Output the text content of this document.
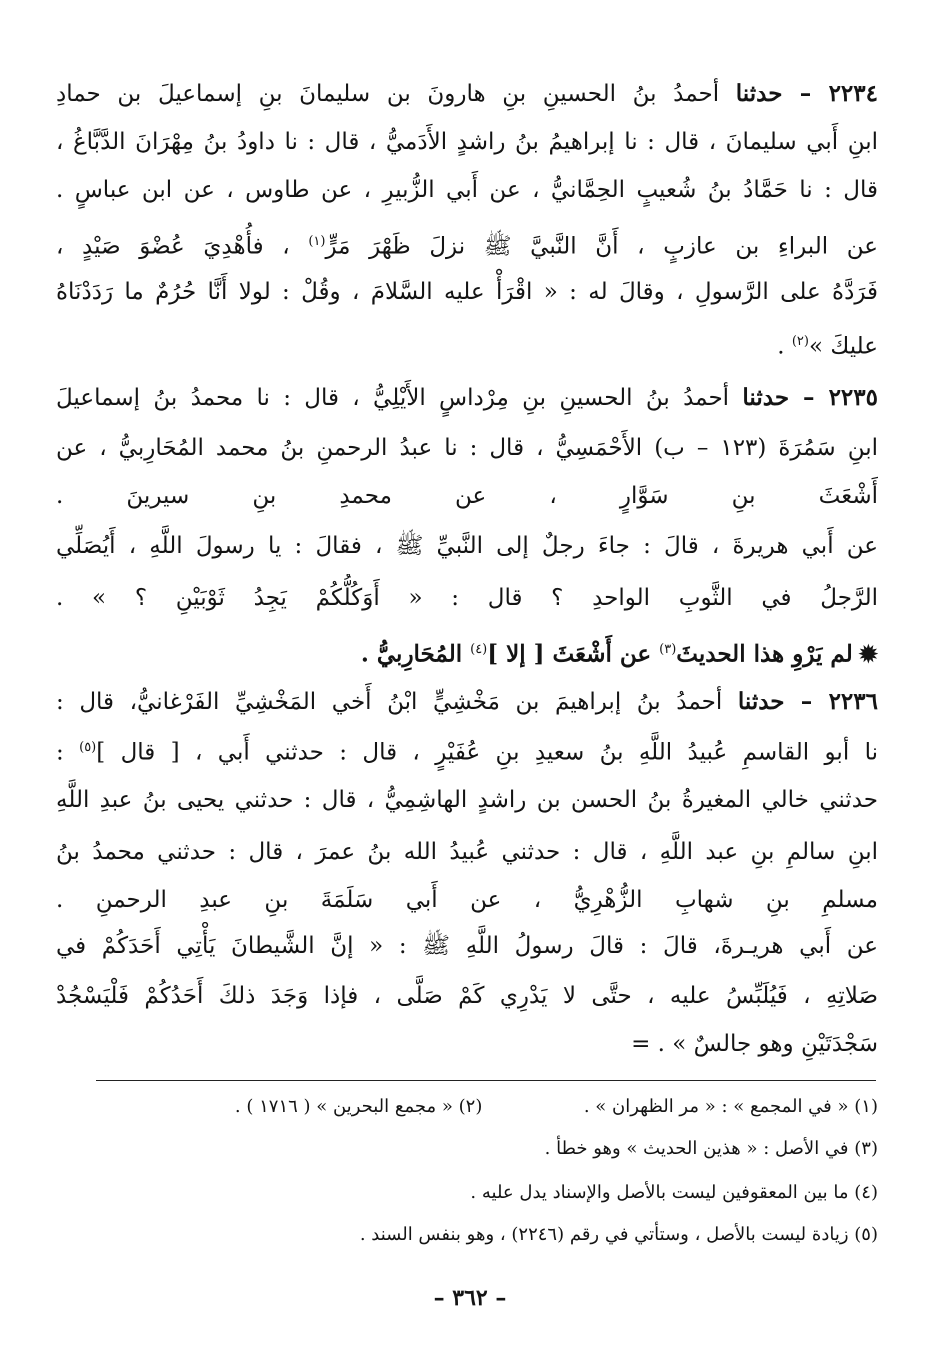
٢٢٣٤ – حدثنا أحمدُ بنُ الحسينِ بنِ هارونَ بن سليمانَ بنِ إسماعيلَ بن حمادِ

ابنِ أَبي سليمانَ ، قال : نا إبراهيمُ بنُ راشدٍ الأَدَميُّ ، قال : نا داودُ بنُ مِهْرَانَ الدَّبَّاغُ ،

قال : نا حَمَّادُ بنُ شُعيبٍ الحِمَّانيُّ ، عن أَبي الزُّبيرِ ، عن طاوس ، عن ابن عباسٍ .

عن البراءِ بن عازبٍ ، أَنَّ النَّبيَّ ﷺ نزلَ ظَهْرَ مَرٍّ$^{(١)}$ ، فأُهْدِيَ عُضْوَ صَيْدٍ ،

فَرَدَّهُ على الرَّسولِ ، وقالَ له : « اقْرَأْ عليه السَّلامَ ، وقُلْ : لولا أَنَّا حُرُمٌ ما رَدَدْنَاهُ

عليكَ »$^{(٢)}$ .

٢٢٣٥ – حدثنا أحمدُ بنُ الحسينِ بنِ مِرْداسٍ الأَيْلِيُّ ، قال : نا محمدُ بنُ إسماعيلَ

ابنِ سَمُرَةَ (١٢٣ – ب) الأَحْمَسِيُّ ، قال : نا عبدُ الرحمنِ بنُ محمد المُحَارِبيُّ ، عن

أَشْعَثَ بنِ سَوَّارٍ ، عن محمدِ بنِ سيرينَ .

عن أَبي هريرةَ ، قالَ : جاءَ رجلٌ إلى النَّبيِّ ﷺ ، فقالَ : يا رسولَ اللَّهِ ، أَيُصَلِّي

الرَّجلُ في الثَّوبِ الواحدِ ؟ قال : « أَوَكُلُّكُمْ يَجِدُ ثَوْبَيْنِ ؟ » .

✹لم يَرْوِ هذا الحديثَ$^{(٣)}$ عن أَشْعَثَ [ إلا ]$^{(٤)}$ المُحَارِبيُّ .

٢٢٣٦ – حدثنا أحمدُ بنُ إبراهيمَ بن مَخْشِيٍّ ابْنُ أَخي المَخْشِيِّ الفَرْغانيُّ، قال :

نا أبو القاسمِ عُبيدُ اللَّهِ بنُ سعيدِ بنِ عُفَيْرٍ ، قال : حدثني أَبي ، [ قال ]$^{(٥)}$ :

حدثني خالي المغيرةُ بنُ الحسن بن راشدٍ الهاشِمِيُّ ، قال : حدثني يحيى بنُ عبدِ اللَّهِ

ابنِ سالمِ بنِ عبد اللَّهِ ، قال : حدثني عُبيدُ الله بنُ عمرَ ، قال : حدثني محمدُ بنُ

مسلمِ بنِ شهابِ الزُّهْرِيُّ ، عن أَبي سَلَمَةَ بنِ عبدِ الرحمنِ .

عن أَبي هريـرةَ، قالَ : قالَ رسولُ اللَّهِ ﷺ : « إنَّ الشَّيطانَ يَأْتِي أَحَدَكُمْ في

صَلاتِهِ ، فَيُلَبِّسُ عليه ، حتَّى لا يَدْرِي كَمْ صَلَّى ، فإذا وَجَدَ ذلكَ أَحَدُكُمْ فَلْيَسْجُدْ

سَجْدَتَيْنِ وهو جالسٌ » . =

(١) « في المجمع » : « مر الظهران » .  (٢) « مجمع البحرين » ( ١٧١٦ ) .

(٣) في الأصل : « هذين الحديث » وهو خطأ .

(٤) ما بين المعقوفين ليست بالأصل والإسناد يدل عليه .

(٥) زيادة ليست بالأصل ، وستأتي في رقم (٢٢٤٦) ، وهو بنفس السند .

– ٣٦٢ –
